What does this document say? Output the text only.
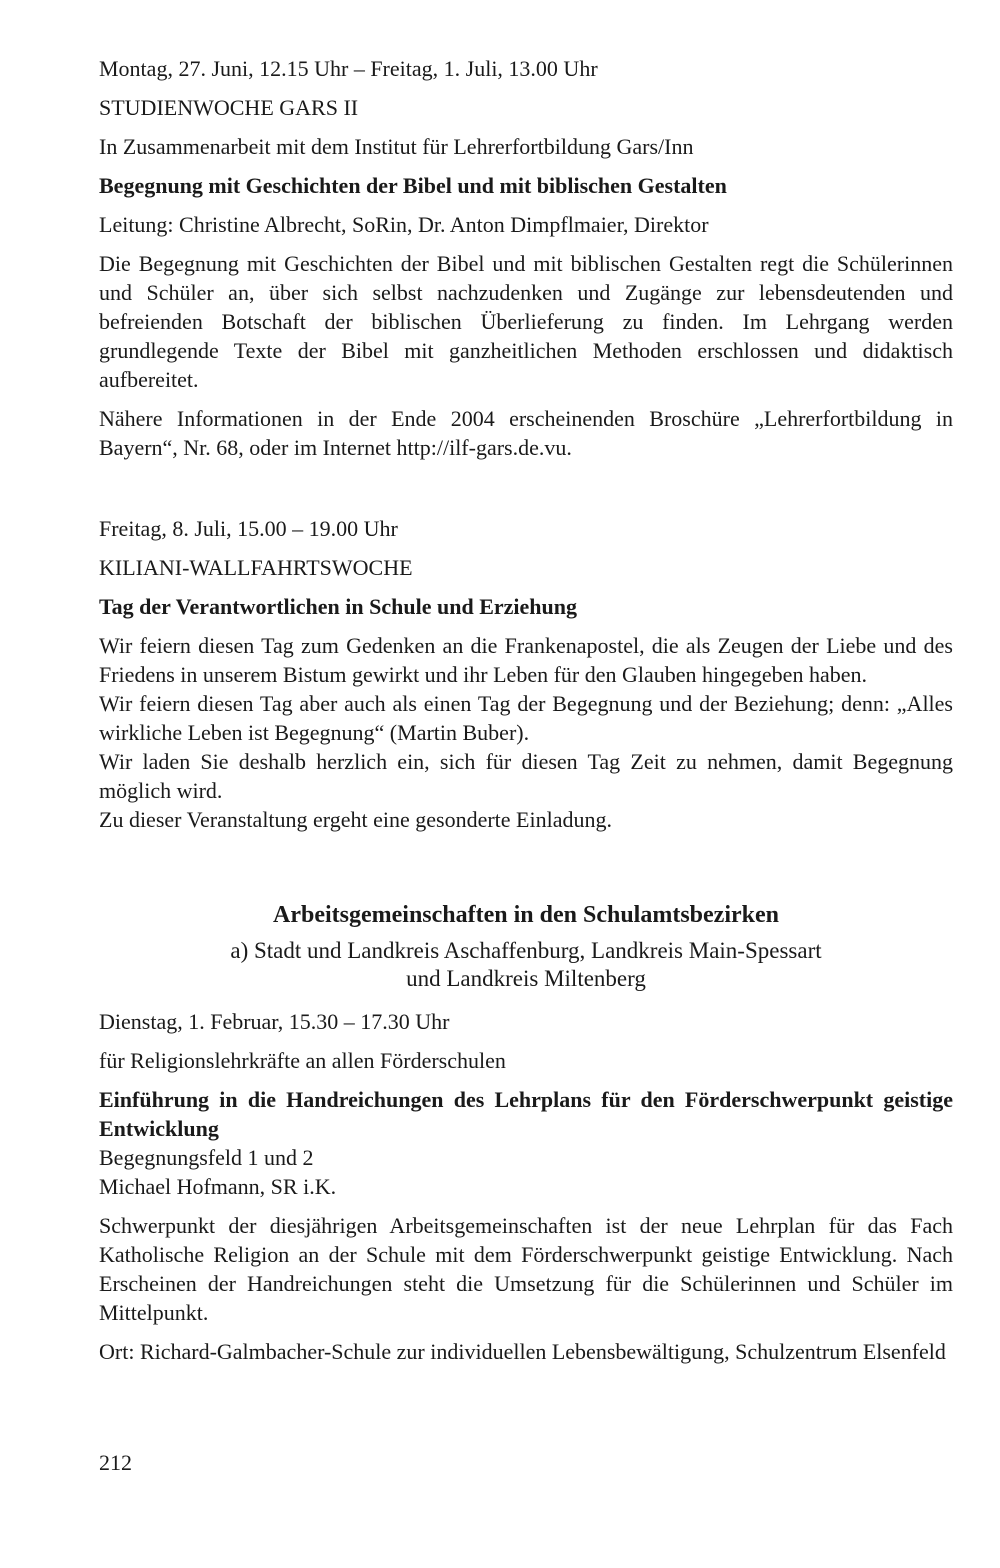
Montag, 27. Juni, 12.15 Uhr – Freitag, 1. Juli, 13.00 Uhr

STUDIENWOCHE GARS II

In Zusammenarbeit mit dem Institut für Lehrerfortbildung Gars/Inn

Begegnung mit Geschichten der Bibel und mit biblischen Gestalten

Leitung: Christine Albrecht, SoRin, Dr. Anton Dimpflmaier, Direktor

Die Begegnung mit Geschichten der Bibel und mit biblischen Gestalten regt die Schülerinnen und Schüler an, über sich selbst nachzudenken und Zugänge zur lebensdeutenden und befreienden Botschaft der biblischen Überlieferung zu finden. Im Lehrgang werden grundlegende Texte der Bibel mit ganzheitlichen Methoden erschlossen und didaktisch aufbereitet.

Nähere Informationen in der Ende 2004 erscheinenden Broschüre „Lehrerfortbildung in Bayern“, Nr. 68, oder im Internet http://ilf-gars.de.vu.

Freitag, 8. Juli, 15.00 – 19.00 Uhr

KILIANI-WALLFAHRTSWOCHE

Tag der Verantwortlichen in Schule und Erziehung

Wir feiern diesen Tag zum Gedenken an die Frankenapostel, die als Zeugen der Liebe und des Friedens in unserem Bistum gewirkt und ihr Leben für den Glauben hingegeben haben.

Wir feiern diesen Tag aber auch als einen Tag der Begegnung und der Beziehung; denn: „Alles wirkliche Leben ist Begegnung“ (Martin Buber).

Wir laden Sie deshalb herzlich ein, sich für diesen Tag Zeit zu nehmen, damit Begegnung möglich wird.

Zu dieser Veranstaltung ergeht eine gesonderte Einladung.

Arbeitsgemeinschaften in den Schulamtsbezirken

a) Stadt und Landkreis Aschaffenburg, Landkreis Main-Spessart
und Landkreis Miltenberg

Dienstag, 1. Februar, 15.30 – 17.30 Uhr

für Religionslehrkräfte an allen Förderschulen

Einführung in die Handreichungen des Lehrplans für den Förderschwerpunkt geistige Entwicklung

Begegnungsfeld 1 und 2

Michael Hofmann, SR i.K.

Schwerpunkt der diesjährigen Arbeitsgemeinschaften ist der neue Lehrplan für das Fach Katholische Religion an der Schule mit dem Förderschwerpunkt geistige Entwicklung. Nach Erscheinen der Handreichungen steht die Umsetzung für die Schülerinnen und Schüler im Mittelpunkt.

Ort: Richard-Galmbacher-Schule zur individuellen Lebensbewältigung, Schulzentrum Elsenfeld

212
